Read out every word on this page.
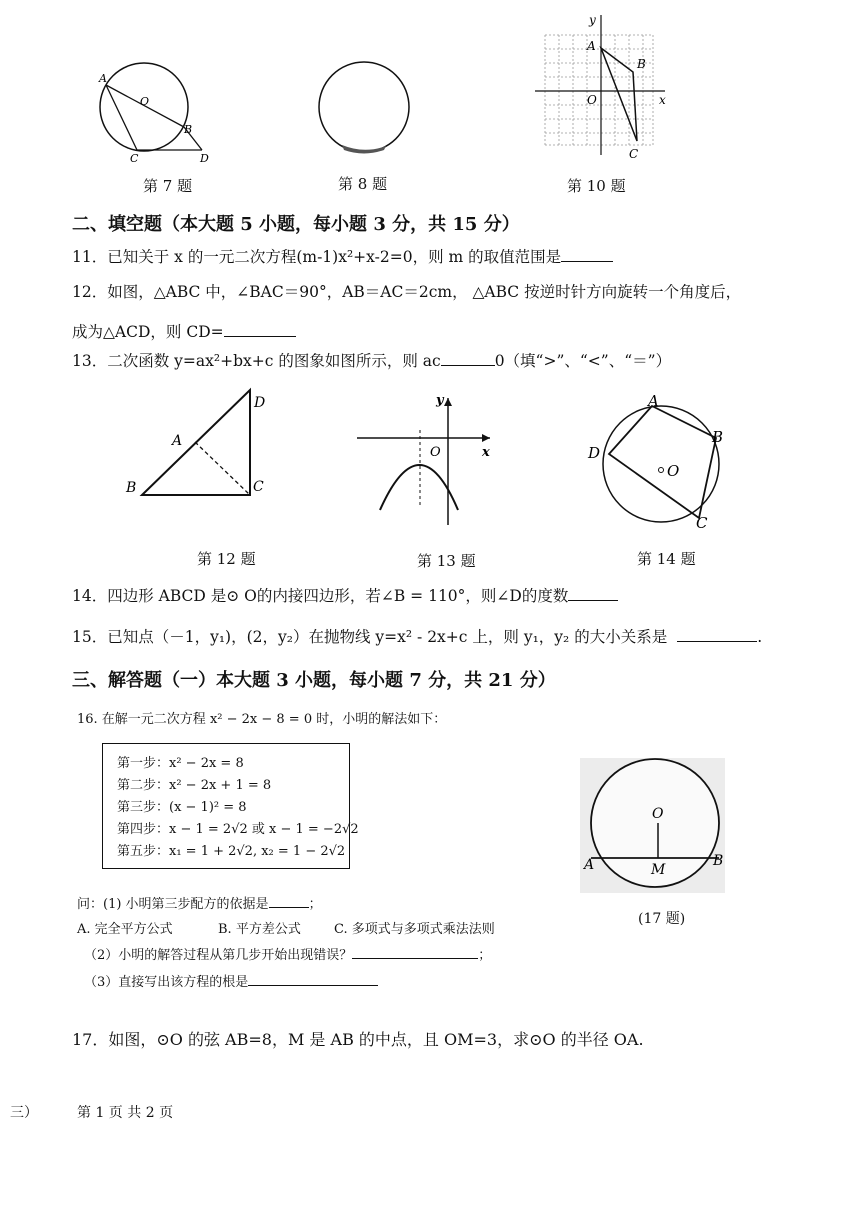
A
O
B
C	D
y
A
B
O	x
C
第 7 题	第 8 题	第 10 题
二、填空题（本大题 5 小题，每小题 3 分，共 15 分）
11．已知关于 x 的一元二次方程(m-1)x²+x-2=0，则 m 的取值范围是
12．如图，△ABC 中，∠BAC＝90°，AB＝AC＝2cm， △ABC 按逆时针方向旋转一个角度后，
成为△ACD，则 CD=
13．二次函数 y=ax²+bx+c 的图象如图所示，则 ac	0（填“>”、“<”、“＝”）
A
B	C
D	y
O	x
A
B
C
D
O
第 12 题	第 13 题	第 14 题
14．四边形 ABCD 是⊙ O的内接四边形，若∠B = 110°，则∠D的度数
15．已知点（－1，y₁)，(2，y₂）在抛物线 y=x² - 2x+c 上，则 y₁，y₂ 的大小关系是	.
三、解答题（一）本大题 3 小题，每小题 7 分，共 21 分）
16. 在解一元二次方程 x² − 2x − 8 = 0 时，小明的解法如下：
第一步：x² − 2x = 8
第二步：x² − 2x + 1 = 8
第三步：(x − 1)² = 8
第四步：x − 1 = 2√2 或 x − 1 = −2√2
第五步：x₁ = 1 + 2√2, x₂ = 1 − 2√2
问：(1) 小明第三步配方的依据是	；
A. 完全平方公式	B. 平方差公式	C. 多项式与多项式乘法法则
（2）小明的解答过程从第几步开始出现错误？	；
（3）直接写出该方程的根是
O
A	B
M
(17 题)
17．如图，⊙O 的弦 AB=8，M 是 AB 的中点，且 OM=3，求⊙O 的半径 OA.
三）	第 1 页 共 2 页
